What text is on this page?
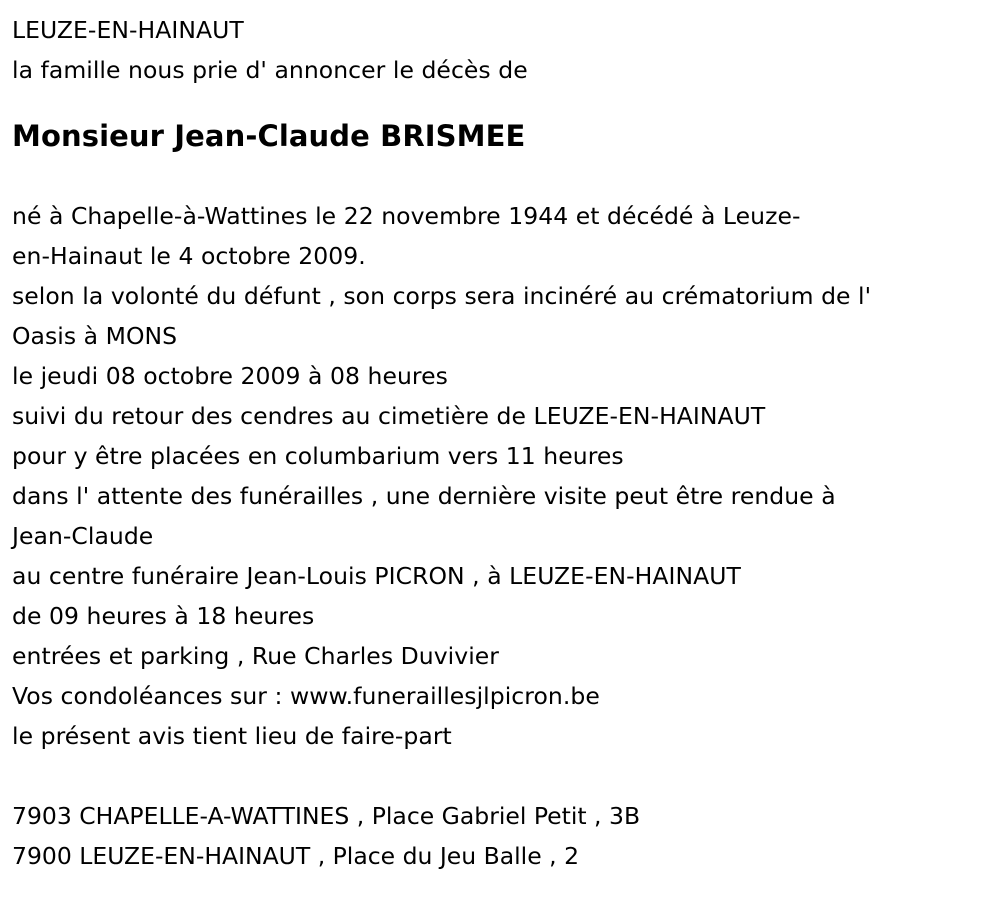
LEUZE-EN-HAINAUT
la famille nous prie d' annoncer le décès de
Monsieur Jean-Claude BRISMEE
né à Chapelle-à-Wattines le 22 novembre 1944 et décédé à Leuze-
en-Hainaut le 4 octobre 2009.
selon la volonté du défunt , son corps sera incinéré au crématorium de l'
Oasis à MONS
le jeudi 08 octobre 2009 à 08 heures
suivi du retour des cendres au cimetière de LEUZE-EN-HAINAUT
pour y être placées en columbarium vers 11 heures
dans l' attente des funérailles , une dernière visite peut être rendue à
Jean-Claude
au centre funéraire Jean-Louis PICRON , à LEUZE-EN-HAINAUT
de 09 heures à 18 heures
entrées et parking , Rue Charles Duvivier
Vos condoléances sur : www.funeraillesjlpicron.be
le présent avis tient lieu de faire-part
7903 CHAPELLE-A-WATTINES , Place Gabriel Petit , 3B
7900 LEUZE-EN-HAINAUT , Place du Jeu Balle , 2
